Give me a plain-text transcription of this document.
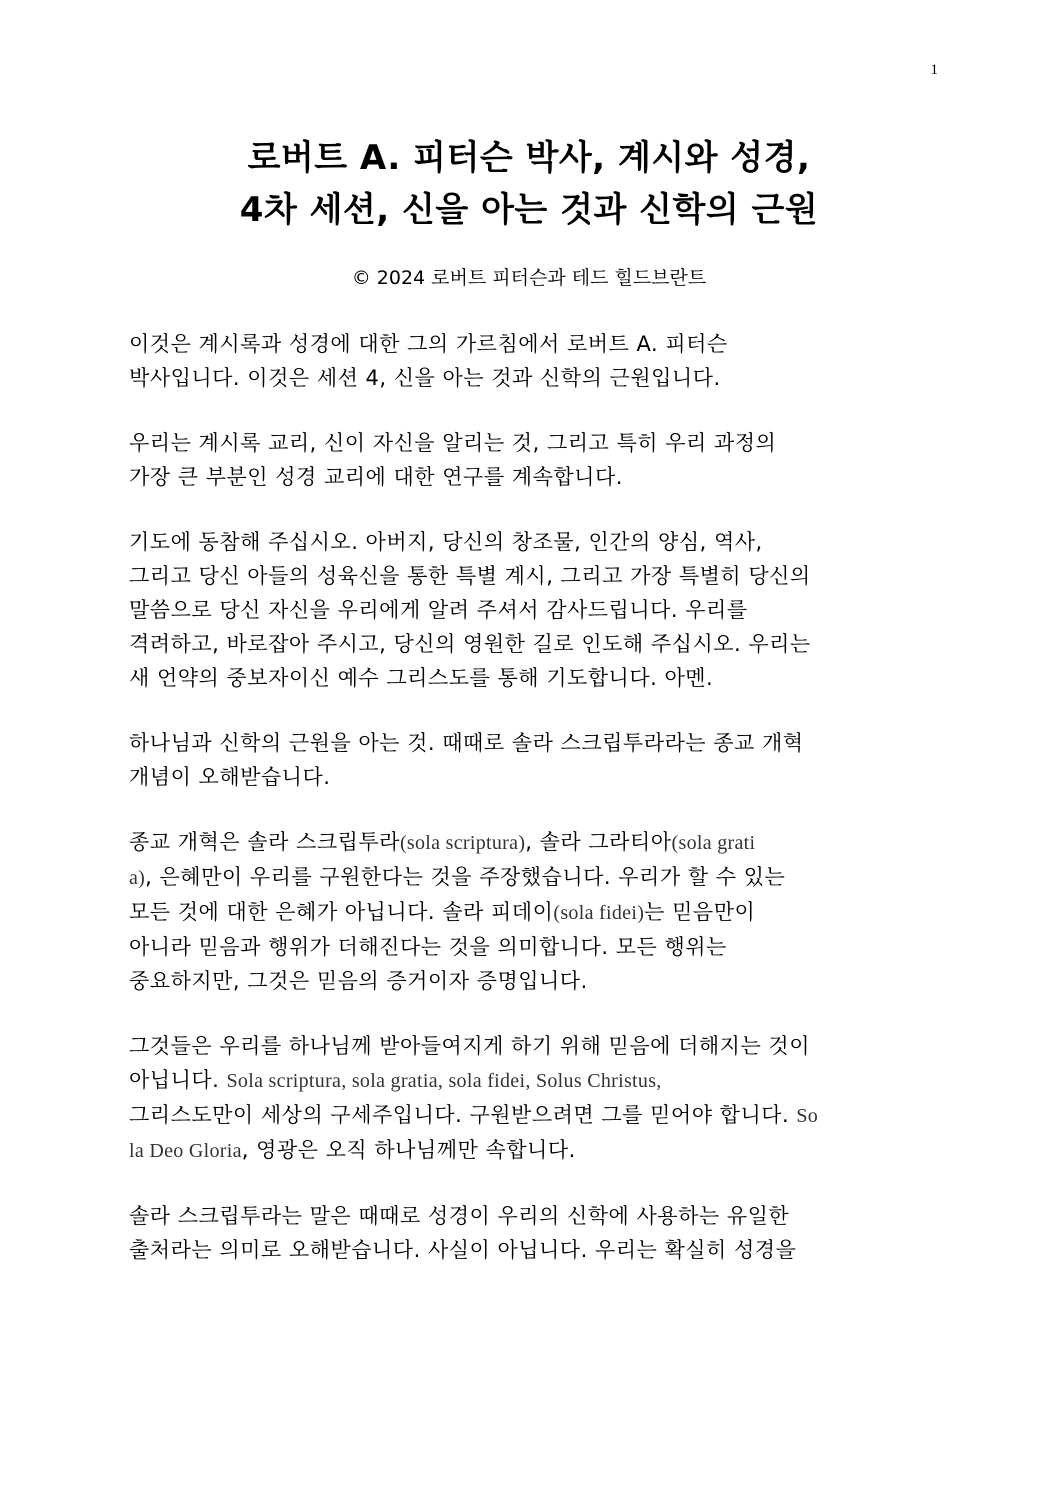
1
로버트 A. 피터슨 박사, 계시와 성경,
4차 세션, 신을 아는 것과 신학의 근원
© 2024 로버트 피터슨과 테드 힐드브란트

이것은 계시록과 성경에 대한 그의 가르침에서 로버트 A. 피터슨
박사입니다. 이것은 세션 4, 신을 아는 것과 신학의 근원입니다.

우리는 계시록 교리, 신이 자신을 알리는 것, 그리고 특히 우리 과정의
가장 큰 부분인 성경 교리에 대한 연구를 계속합니다.

기도에 동참해 주십시오. 아버지, 당신의 창조물, 인간의 양심, 역사,
그리고 당신 아들의 성육신을 통한 특별 계시, 그리고 가장 특별히 당신의
말씀으로 당신 자신을 우리에게 알려 주셔서 감사드립니다. 우리를
격려하고, 바로잡아 주시고, 당신의 영원한 길로 인도해 주십시오. 우리는
새 언약의 중보자이신 예수 그리스도를 통해 기도합니다. 아멘.

하나님과 신학의 근원을 아는 것. 때때로 솔라 스크립투라라는 종교 개혁
개념이 오해받습니다.

종교 개혁은 솔라 스크립투라(sola scriptura), 솔라 그라티아(sola grati
a), 은혜만이 우리를 구원한다는 것을 주장했습니다. 우리가 할 수 있는
모든 것에 대한 은혜가 아닙니다. 솔라 피데이(sola fidei)는 믿음만이
아니라 믿음과 행위가 더해진다는 것을 의미합니다. 모든 행위는
중요하지만, 그것은 믿음의 증거이자 증명입니다.

그것들은 우리를 하나님께 받아들여지게 하기 위해 믿음에 더해지는 것이
아닙니다. Sola scriptura, sola gratia, sola fidei, Solus Christus,
그리스도만이 세상의 구세주입니다. 구원받으려면 그를 믿어야 합니다. So
la Deo Gloria, 영광은 오직 하나님께만 속합니다.

솔라 스크립투라는 말은 때때로 성경이 우리의 신학에 사용하는 유일한
출처라는 의미로 오해받습니다. 사실이 아닙니다. 우리는 확실히 성경을
